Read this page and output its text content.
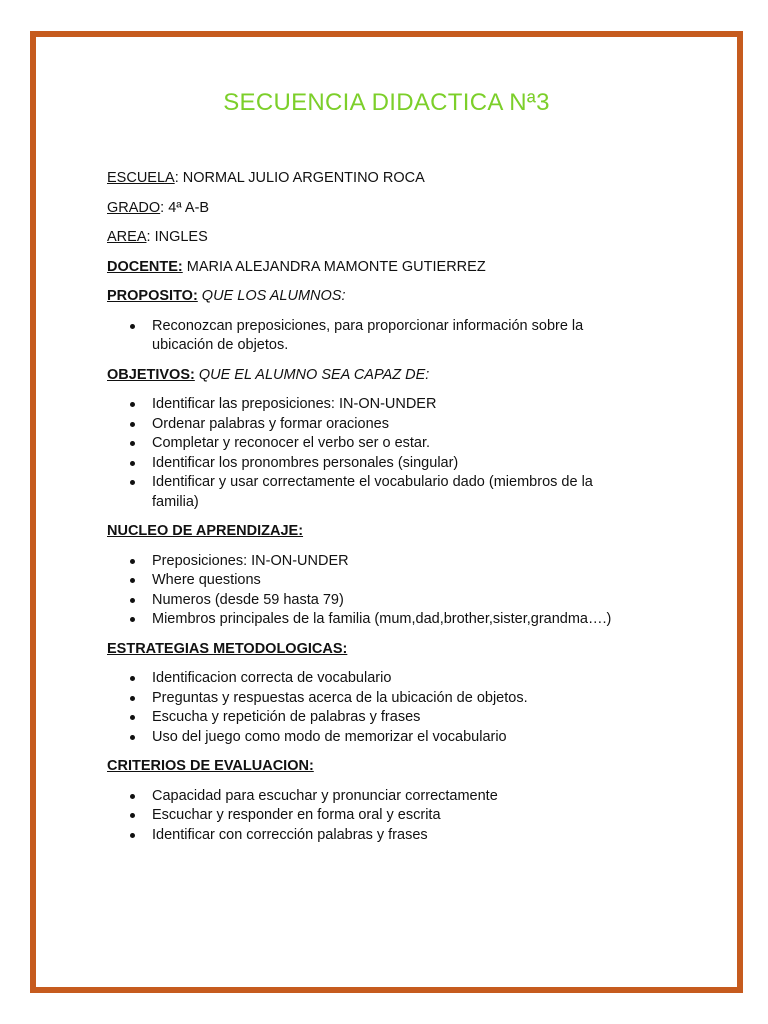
SECUENCIA DIDACTICA Nª3
ESCUELA: NORMAL JULIO ARGENTINO ROCA
GRADO: 4ª A-B
AREA: INGLES
DOCENTE: MARIA ALEJANDRA MAMONTE GUTIERREZ
PROPOSITO: QUE LOS ALUMNOS:
Reconozcan preposiciones, para proporcionar información sobre la ubicación de objetos.
OBJETIVOS: QUE EL ALUMNO SEA CAPAZ DE:
Identificar las preposiciones: IN-ON-UNDER
Ordenar palabras y formar oraciones
Completar y reconocer el verbo ser o estar.
Identificar los pronombres personales (singular)
Identificar y usar correctamente el vocabulario dado (miembros de la familia)
NUCLEO DE APRENDIZAJE:
Preposiciones: IN-ON-UNDER
Where questions
Numeros (desde 59 hasta 79)
Miembros principales de la familia (mum,dad,brother,sister,grandma….)
ESTRATEGIAS METODOLOGICAS:
Identificacion correcta de vocabulario
Preguntas y respuestas acerca de la ubicación de objetos.
Escucha y repetición de palabras y frases
Uso del juego como modo de memorizar el vocabulario
CRITERIOS DE EVALUACION:
Capacidad para escuchar y pronunciar correctamente
Escuchar y responder en forma oral y escrita
Identificar con corrección palabras y frases
